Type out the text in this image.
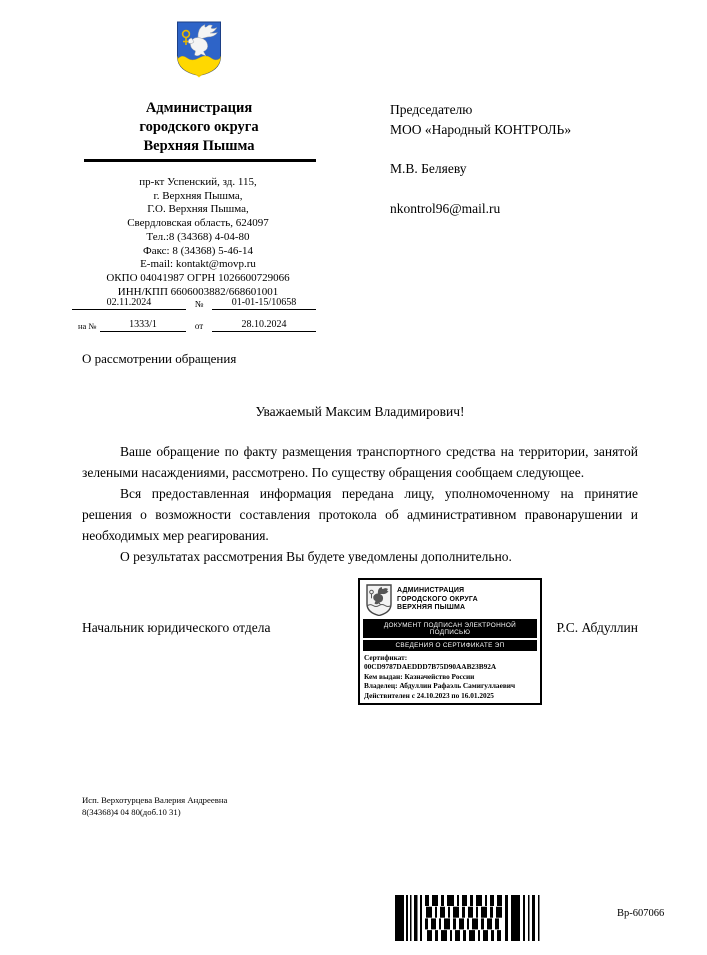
Администрация
городского округа
Верхняя Пышма
пр-кт Успенский, зд. 115,
г. Верхняя Пышма,
Г.О. Верхняя Пышма,
Свердловская область, 624097
Тел.:8 (34368) 4-04-80
Факс: 8 (34368) 5-46-14
E-mail: kontakt@movp.ru
ОКПО 04041987 ОГРН 1026600729066
ИНН/КПП 6606003882/668601001
02.11.2024	№	01-01-15/10658
на №	1333/1	от	28.10.2024
Председателю
МОО «Народный КОНТРОЛЬ»
М.В. Беляеву
nkontrol96@mail.ru
О рассмотрении обращения
Уважаемый Максим Владимирович!

Ваше обращение по факту размещения транспортного средства на территории, занятой зелеными насаждениями, рассмотрено. По существу обращения сообщаем следующее.

Вся предоставленная информация передана лицу, уполномоченному на принятие решения о возможности составления протокола об административном правонарушении и необходимых мер реагирования.

О результатах рассмотрения Вы будете уведомлены дополнительно.

Начальник юридического отдела	Р.С. Абдуллин
АДМИНИСТРАЦИЯ
ГОРОДСКОГО ОКРУГА
ВЕРХНЯЯ ПЫШМА
ДОКУМЕНТ ПОДПИСАН ЭЛЕКТРОННОЙ ПОДПИСЬЮ
СВЕДЕНИЯ О СЕРТИФИКАТЕ ЭП
Сертификат: 00CD9787DAEDDD7B75D90AAB23B92A
Кем выдан: Казначейство России
Владелец: Абдуллин Рафаэль Самигуллаевич
Действителен с 24.10.2023 по 16.01.2025
Исп. Верхотурцева Валерия Андреевна
8(34368)4 04 80(доб.10 31)
Вр-607066
